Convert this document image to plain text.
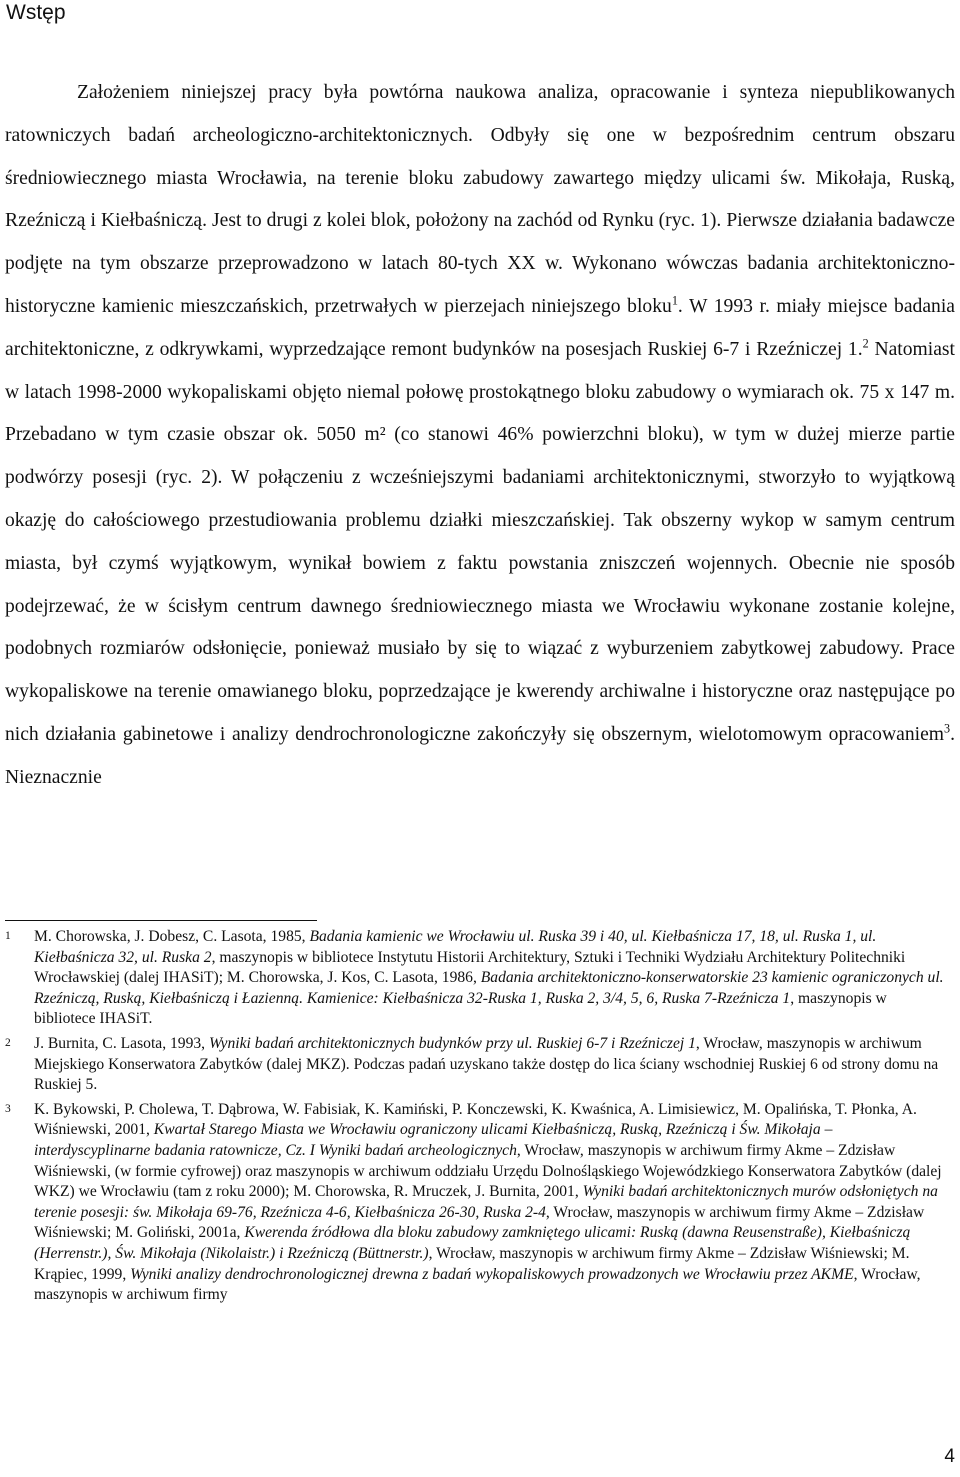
Wstęp

Założeniem niniejszej pracy była powtórna naukowa analiza, opracowanie i synteza niepublikowanych ratowniczych badań archeologiczno-architektonicznych. Odbyły się one w bezpośrednim centrum obszaru średniowiecznego miasta Wrocławia, na terenie bloku zabudowy zawartego między ulicami św. Mikołaja, Ruską, Rzeźniczą i Kiełbaśniczą. Jest to drugi z kolei blok, położony na zachód od Rynku (ryc. 1). Pierwsze działania badawcze podjęte na tym obszarze przeprowadzono w latach 80-tych XX w. Wykonano wówczas badania architektoniczno-historyczne kamienic mieszczańskich, przetrwałych w pierzejach niniejszego bloku$^1$. W 1993 r. miały miejsce badania architektoniczne, z odkrywkami, wyprzedzające remont budynków na posesjach Ruskiej 6-7 i Rzeźniczej 1.$^2$ Natomiast w latach 1998-2000 wykopaliskami objęto niemal połowę prostokątnego bloku zabudowy o wymiarach ok. 75 x 147 m. Przebadano w tym czasie obszar ok. 5050 m² (co stanowi 46% powierzchni bloku), w tym w dużej mierze partie podwórzy posesji (ryc. 2). W połączeniu z wcześniejszymi badaniami architektonicznymi, stworzyło to wyjątkową okazję do całościowego przestudiowania problemu działki mieszczańskiej. Tak obszerny wykop w samym centrum miasta, był czymś wyjątkowym, wynikał bowiem z faktu powstania zniszczeń wojennych. Obecnie nie sposób podejrzewać, że w ścisłym centrum dawnego średniowiecznego miasta we Wrocławiu wykonane zostanie kolejne, podobnych rozmiarów odsłonięcie, ponieważ musiało by się to wiązać z wyburzeniem zabytkowej zabudowy. Prace wykopaliskowe na terenie omawianego bloku, poprzedzające je kwerendy archiwalne i historyczne oraz następujące po nich działania gabinetowe i analizy dendrochronologiczne zakończyły się obszernym, wielotomowym opracowaniem$^3$. Nieznacznie

1 M. Chorowska, J. Dobesz, C. Lasota, 1985, Badania kamienic we Wrocławiu ul. Ruska 39 i 40, ul. Kiełbaśnicza 17, 18, ul. Ruska 1, ul. Kiełbaśnicza 32, ul. Ruska 2, maszynopis w bibliotece Instytutu Historii Architektury, Sztuki i Techniki Wydziału Architektury Politechniki Wrocławskiej (dalej IHASiT); M. Chorowska, J. Kos, C. Lasota, 1986, Badania architektoniczno-konserwatorskie 23 kamienic ograniczonych ul. Rzeźniczą, Ruską, Kiełbaśniczą i Łazienną. Kamienice: Kiełbaśnicza 32-Ruska 1, Ruska 2, 3/4, 5, 6, Ruska 7-Rzeźnicza 1, maszynopis w bibliotece IHASiT.
2 J. Burnita, C. Lasota, 1993, Wyniki badań architektonicznych budynków przy ul. Ruskiej 6-7 i Rzeźniczej 1, Wrocław, maszynopis w archiwum Miejskiego Konserwatora Zabytków (dalej MKZ). Podczas padań uzyskano także dostęp do lica ściany wschodniej Ruskiej 6 od strony domu na Ruskiej 5.
3 K. Bykowski, P. Cholewa, T. Dąbrowa, W. Fabisiak, K. Kamiński, P. Konczewski, K. Kwaśnica, A. Limisiewicz, M. Opalińska, T. Płonka, A. Wiśniewski, 2001, Kwartał Starego Miasta we Wrocławiu ograniczony ulicami Kiełbaśniczą, Ruską, Rzeźniczą i Św. Mikołaja – interdyscyplinarne badania ratownicze, Cz. I Wyniki badań archeologicznych, Wrocław, maszynopis w archiwum firmy Akme – Zdzisław Wiśniewski, (w formie cyfrowej) oraz maszynopis w archiwum oddziału Urzędu Dolnośląskiego Wojewódzkiego Konserwatora Zabytków (dalej WKZ) we Wrocławiu (tam z roku 2000); M. Chorowska, R. Mruczek, J. Burnita, 2001, Wyniki badań architektonicznych murów odsłoniętych na terenie posesji: św. Mikołaja 69-76, Rzeźnicza 4-6, Kiełbaśnicza 26-30, Ruska 2-4, Wrocław, maszynopis w archiwum firmy Akme – Zdzisław Wiśniewski; M. Goliński, 2001a, Kwerenda źródłowa dla bloku zabudowy zamkniętego ulicami: Ruską (dawna Reusenstraße), Kiełbaśniczą (Herrenstr.), Św. Mikołaja (Nikolaistr.) i Rzeźniczą (Büttnerstr.), Wrocław, maszynopis w archiwum firmy Akme – Zdzisław Wiśniewski; M. Krąpiec, 1999, Wyniki analizy dendrochronologicznej drewna z badań wykopaliskowych prowadzonych we Wrocławiu przez AKME, Wrocław, maszynopis w archiwum firmy
4
